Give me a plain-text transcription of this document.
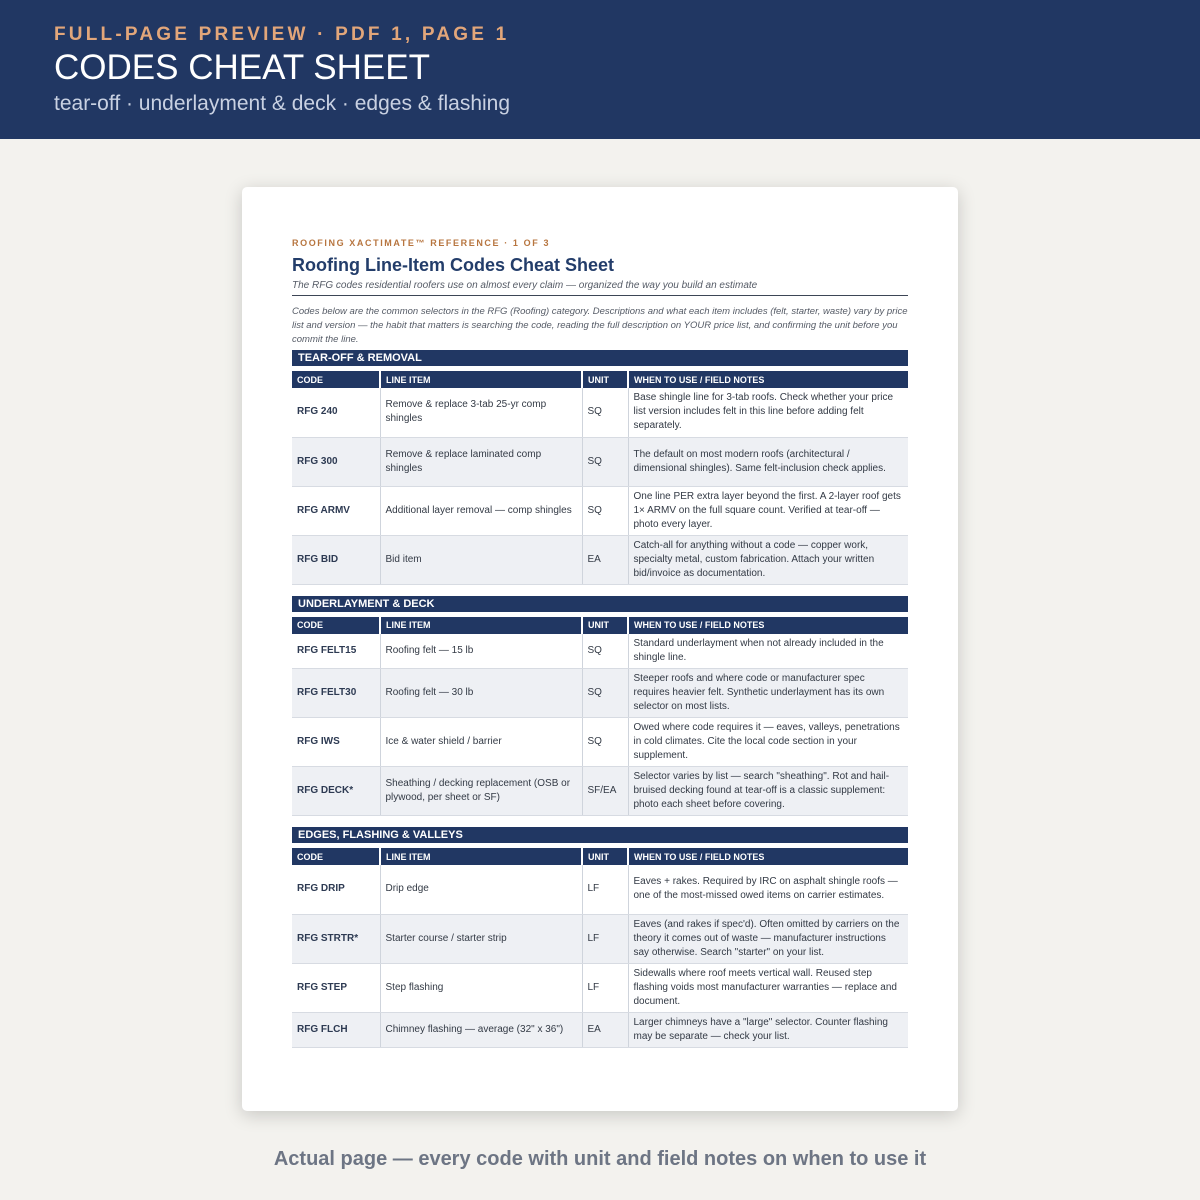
FULL-PAGE PREVIEW · PDF 1, PAGE 1
CODES CHEAT SHEET
tear-off · underlayment & deck · edges & flashing
ROOFING XACTIMATE™ REFERENCE · 1 OF 3
Roofing Line-Item Codes Cheat Sheet
The RFG codes residential roofers use on almost every claim — organized the way you build an estimate
Codes below are the common selectors in the RFG (Roofing) category. Descriptions and what each item includes (felt, starter, waste) vary by price list and version — the habit that matters is searching the code, reading the full description on YOUR price list, and confirming the unit before you commit the line.
TEAR-OFF & REMOVAL
CODE	LINE ITEM	UNIT	WHEN TO USE / FIELD NOTES
RFG 240	Remove & replace 3-tab 25-yr comp shingles	SQ	Base shingle line for 3-tab roofs. Check whether your price list version includes felt in this line before adding felt separately.
RFG 300	Remove & replace laminated comp shingles	SQ	The default on most modern roofs (architectural / dimensional shingles). Same felt-inclusion check applies.
RFG ARMV	Additional layer removal — comp shingles	SQ	One line PER extra layer beyond the first. A 2-layer roof gets 1× ARMV on the full square count. Verified at tear-off — photo every layer.
RFG BID	Bid item	EA	Catch-all for anything without a code — copper work, specialty metal, custom fabrication. Attach your written bid/invoice as documentation.
UNDERLAYMENT & DECK
CODE	LINE ITEM	UNIT	WHEN TO USE / FIELD NOTES
RFG FELT15	Roofing felt — 15 lb	SQ	Standard underlayment when not already included in the shingle line.
RFG FELT30	Roofing felt — 30 lb	SQ	Steeper roofs and where code or manufacturer spec requires heavier felt. Synthetic underlayment has its own selector on most lists.
RFG IWS	Ice & water shield / barrier	SQ	Owed where code requires it — eaves, valleys, penetrations in cold climates. Cite the local code section in your supplement.
RFG DECK*	Sheathing / decking replacement (OSB or plywood, per sheet or SF)	SF/EA	Selector varies by list — search "sheathing". Rot and hail-bruised decking found at tear-off is a classic supplement: photo each sheet before covering.
EDGES, FLASHING & VALLEYS
CODE	LINE ITEM	UNIT	WHEN TO USE / FIELD NOTES
RFG DRIP	Drip edge	LF	Eaves + rakes. Required by IRC on asphalt shingle roofs — one of the most-missed owed items on carrier estimates.
RFG STRTR*	Starter course / starter strip	LF	Eaves (and rakes if spec'd). Often omitted by carriers on the theory it comes out of waste — manufacturer instructions say otherwise. Search "starter" on your list.
RFG STEP	Step flashing	LF	Sidewalls where roof meets vertical wall. Reused step flashing voids most manufacturer warranties — replace and document.
RFG FLCH	Chimney flashing — average (32" x 36")	EA	Larger chimneys have a "large" selector. Counter flashing may be separate — check your list.
Actual page — every code with unit and field notes on when to use it
